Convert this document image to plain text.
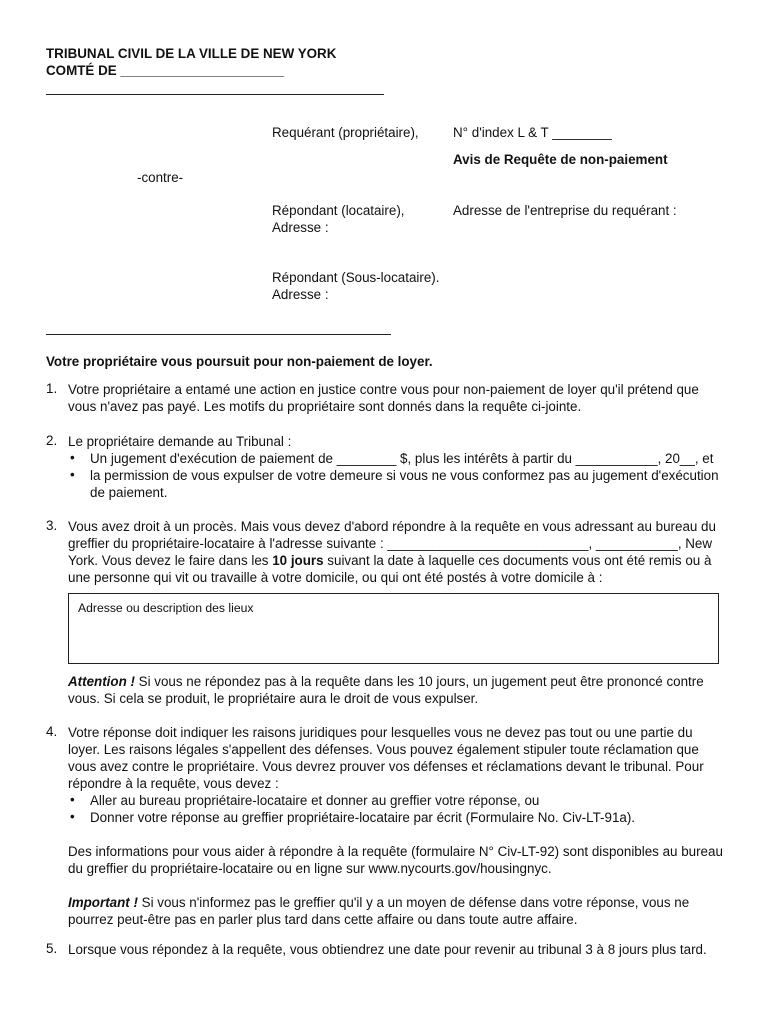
TRIBUNAL CIVIL DE LA VILLE DE NEW YORK
COMTÉ DE ______________________
Requérant (propriétaire),	N° d'index L & T ________
Avis de Requête de non-paiement
-contre-
Répondant (locataire),	Adresse de l'entreprise du requérant :
Adresse :
Répondant (Sous-locataire).
Adresse :
Votre propriétaire vous poursuit pour non-paiement de loyer.
1. Votre propriétaire a entamé une action en justice contre vous pour non-paiement de loyer qu'il prétend que vous n'avez pas payé. Les motifs du propriétaire sont donnés dans la requête ci-jointe.
2. Le propriétaire demande au Tribunal :
• Un jugement d'exécution de paiement de ________ $, plus les intérêts à partir du ___________, 20__, et
• la permission de vous expulser de votre demeure si vous ne vous conformez pas au jugement d'exécution de paiement.
3. Vous avez droit à un procès. Mais vous devez d'abord répondre à la requête en vous adressant au bureau du greffier du propriétaire-locataire à l'adresse suivante : ___________________________, ___________, New York. Vous devez le faire dans les 10 jours suivant la date à laquelle ces documents vous ont été remis ou à une personne qui vit ou travaille à votre domicile, ou qui ont été postés à votre domicile à :
Adresse ou description des lieux
Attention ! Si vous ne répondez pas à la requête dans les 10 jours, un jugement peut être prononcé contre vous. Si cela se produit, le propriétaire aura le droit de vous expulser.
4. Votre réponse doit indiquer les raisons juridiques pour lesquelles vous ne devez pas tout ou une partie du loyer. Les raisons légales s'appellent des défenses. Vous pouvez également stipuler toute réclamation que vous avez contre le propriétaire. Vous devrez prouver vos défenses et réclamations devant le tribunal. Pour répondre à la requête, vous devez :
• Aller au bureau propriétaire-locataire et donner au greffier votre réponse, ou
• Donner votre réponse au greffier propriétaire-locataire par écrit (Formulaire No. Civ-LT-91a).
Des informations pour vous aider à répondre à la requête (formulaire N° Civ-LT-92) sont disponibles au bureau du greffier du propriétaire-locataire ou en ligne sur www.nycourts.gov/housingnyc.
Important ! Si vous n'informez pas le greffier qu'il y a un moyen de défense dans votre réponse, vous ne pourrez peut-être pas en parler plus tard dans cette affaire ou dans toute autre affaire.
5. Lorsque vous répondez à la requête, vous obtiendrez une date pour revenir au tribunal 3 à 8 jours plus tard.
